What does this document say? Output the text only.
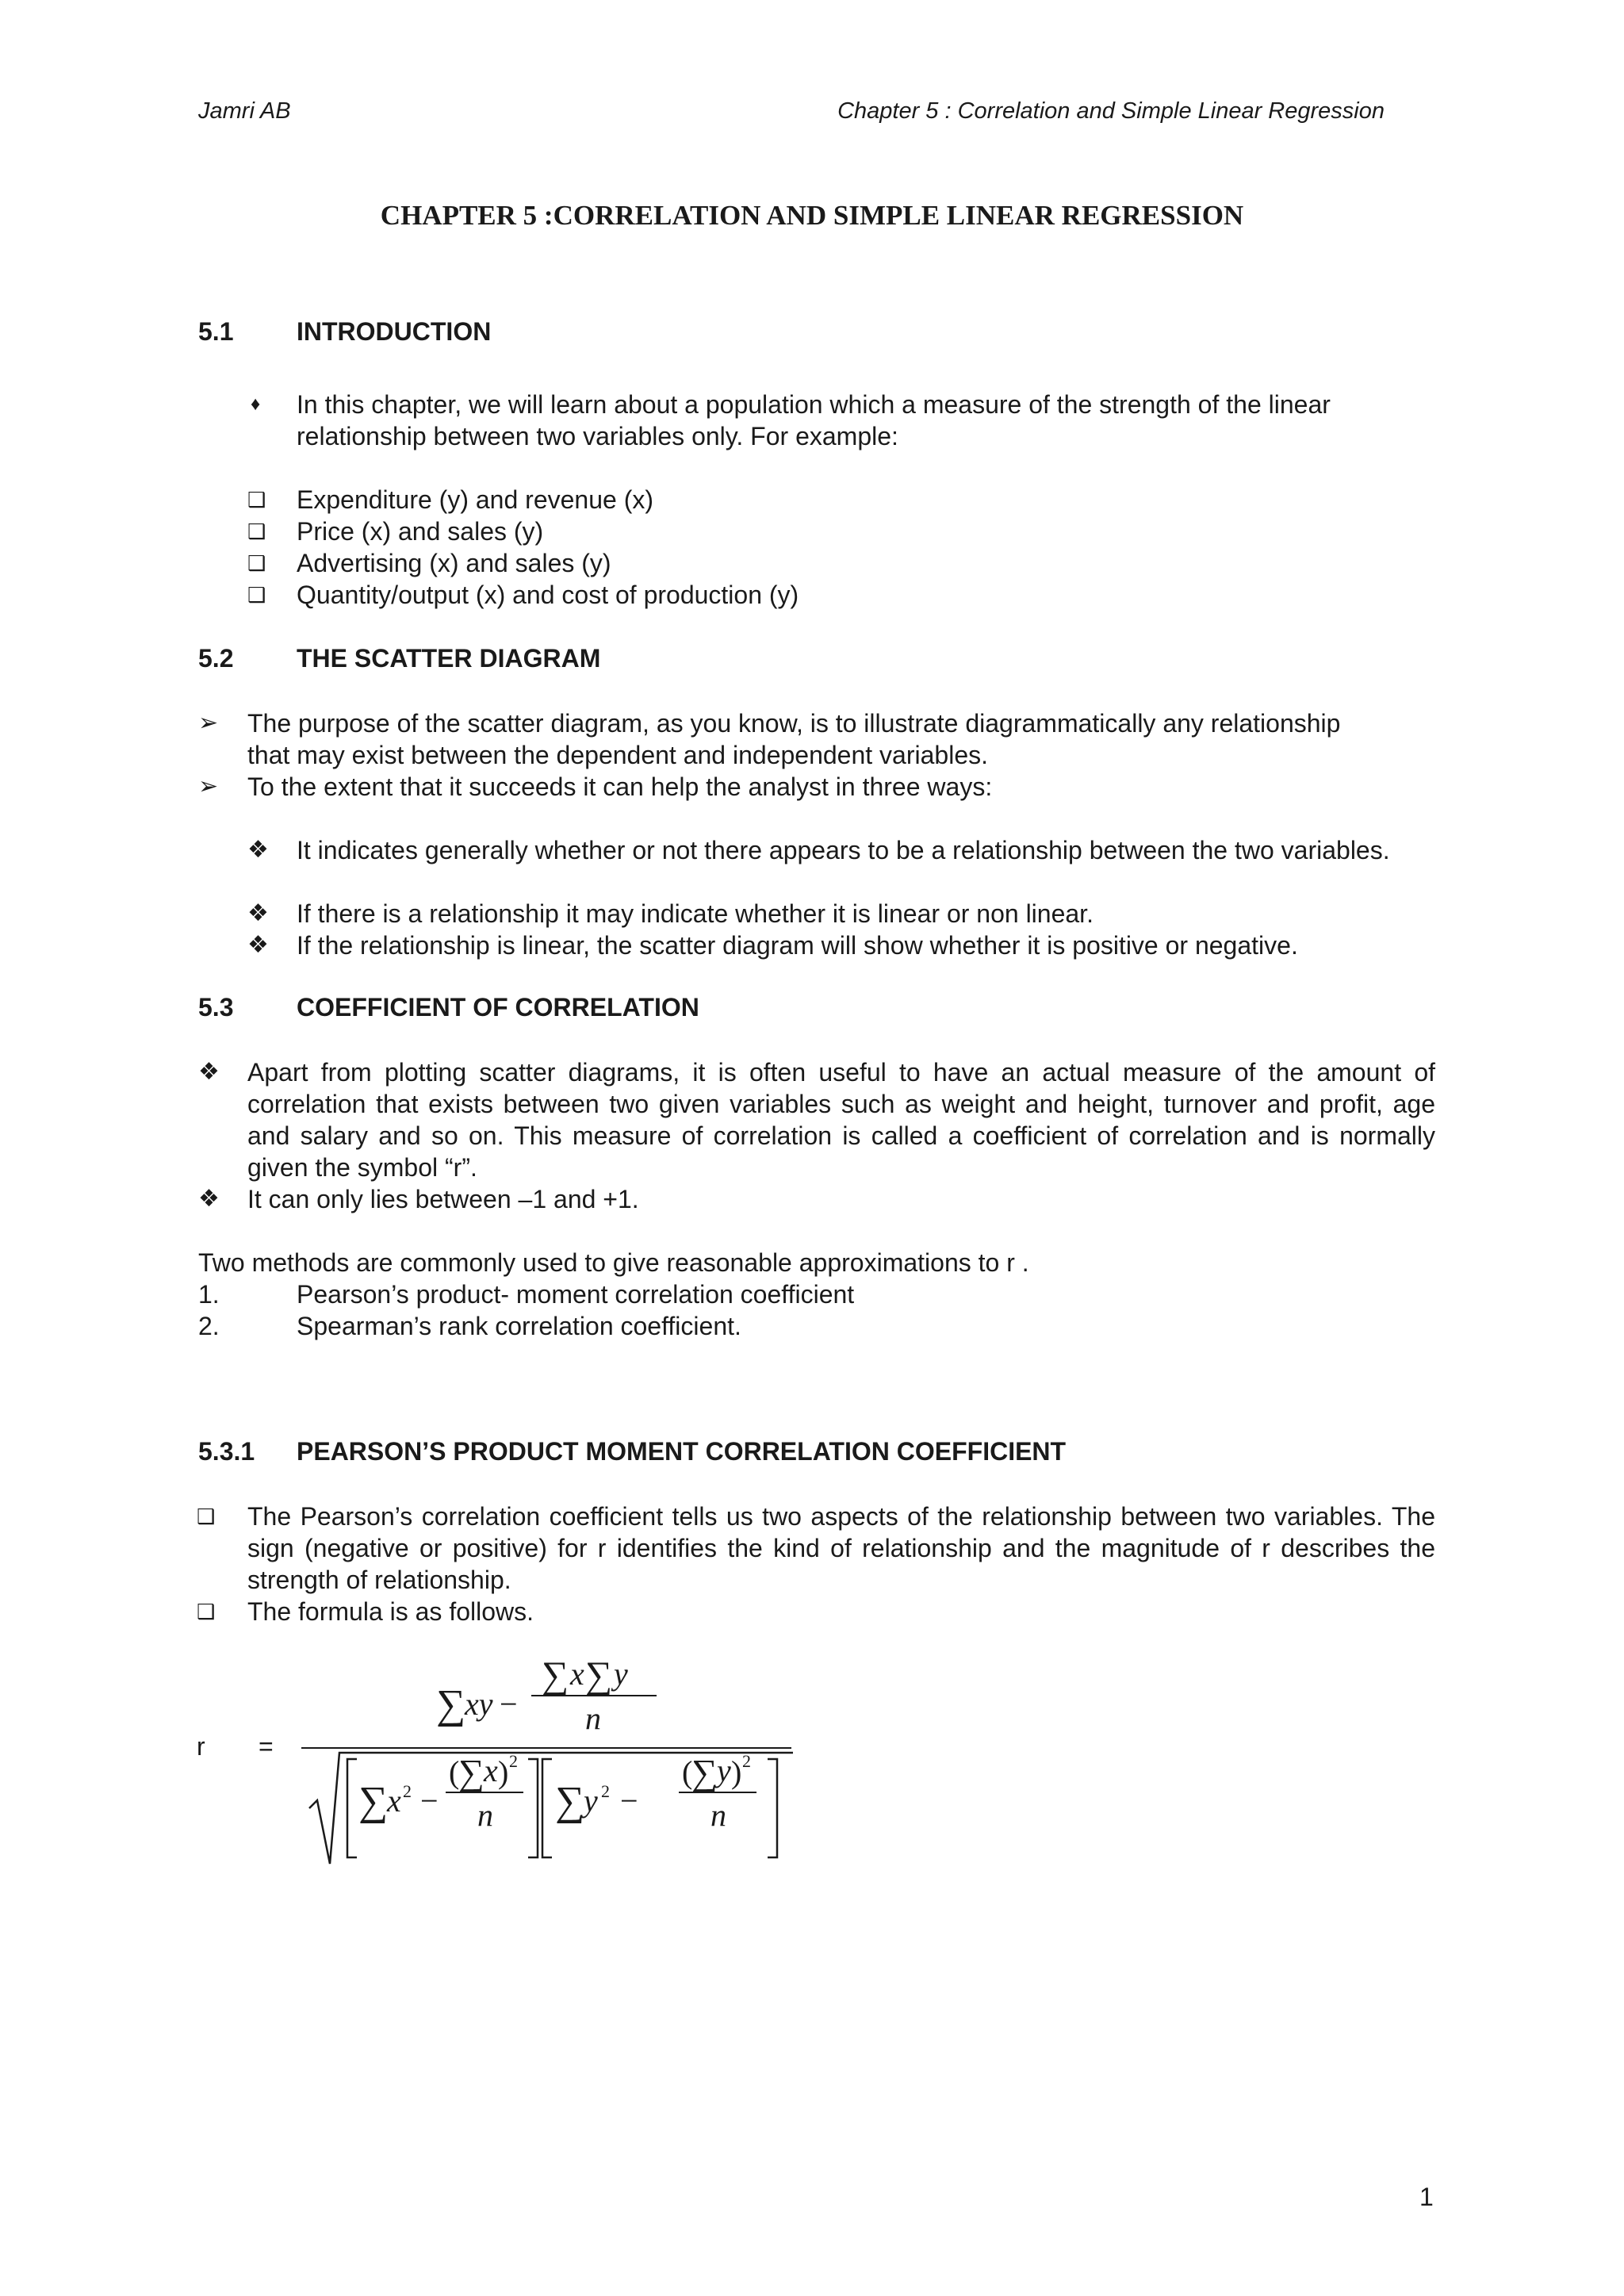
Jamri AB	Chapter 5 : Correlation and Simple Linear Regression
CHAPTER 5 :CORRELATION AND SIMPLE LINEAR REGRESSION
5.1 INTRODUCTION
♦ In this chapter, we will learn about a population which a measure of the strength of the linear
relationship between two variables only. For example:
❑ Expenditure (y) and revenue (x)
❑ Price (x) and sales (y)
❑ Advertising (x) and sales (y)
❑ Quantity/output (x) and cost of production (y)
5.2 THE SCATTER DIAGRAM
➢ The purpose of the scatter diagram, as you know, is to illustrate diagrammatically any relationship
that may exist between the dependent and independent variables.
➢ To the extent that it succeeds it can help the analyst in three ways:
❖ It indicates generally whether or not there appears to be a relationship between the two variables.
❖ If there is a relationship it may indicate whether it is linear or non linear.
❖ If the relationship is linear, the scatter diagram will show whether it is positive or negative.
5.3 COEFFICIENT OF CORRELATION
❖ Apart from plotting scatter diagrams, it is often useful to have an actual measure of the amount of correlation that exists between two given variables such as weight and height, turnover and profit, age and salary and so on. This measure of correlation is called a coefficient of correlation and is normally given the symbol “r”.
❖ It can only lies between –1 and +1.
Two methods are commonly used to give reasonable approximations to r .
1.	Pearson’s product- moment correlation coefficient
2.	Spearman’s rank correlation coefficient.
5.3.1 PEARSON’S PRODUCT MOMENT CORRELATION COEFFICIENT
❑ The Pearson’s correlation coefficient tells us two aspects of the relationship between two variables. The sign (negative or positive) for r identifies the kind of relationship and the magnitude of r describes the strength of relationship.
❑ The formula is as follows.
r =
∑
xy −
∑ x ∑ y
n
∑
x 2 −
(
∑ x ) 2
n ∑
y 2 −
(
∑ y ) 2
n
1
